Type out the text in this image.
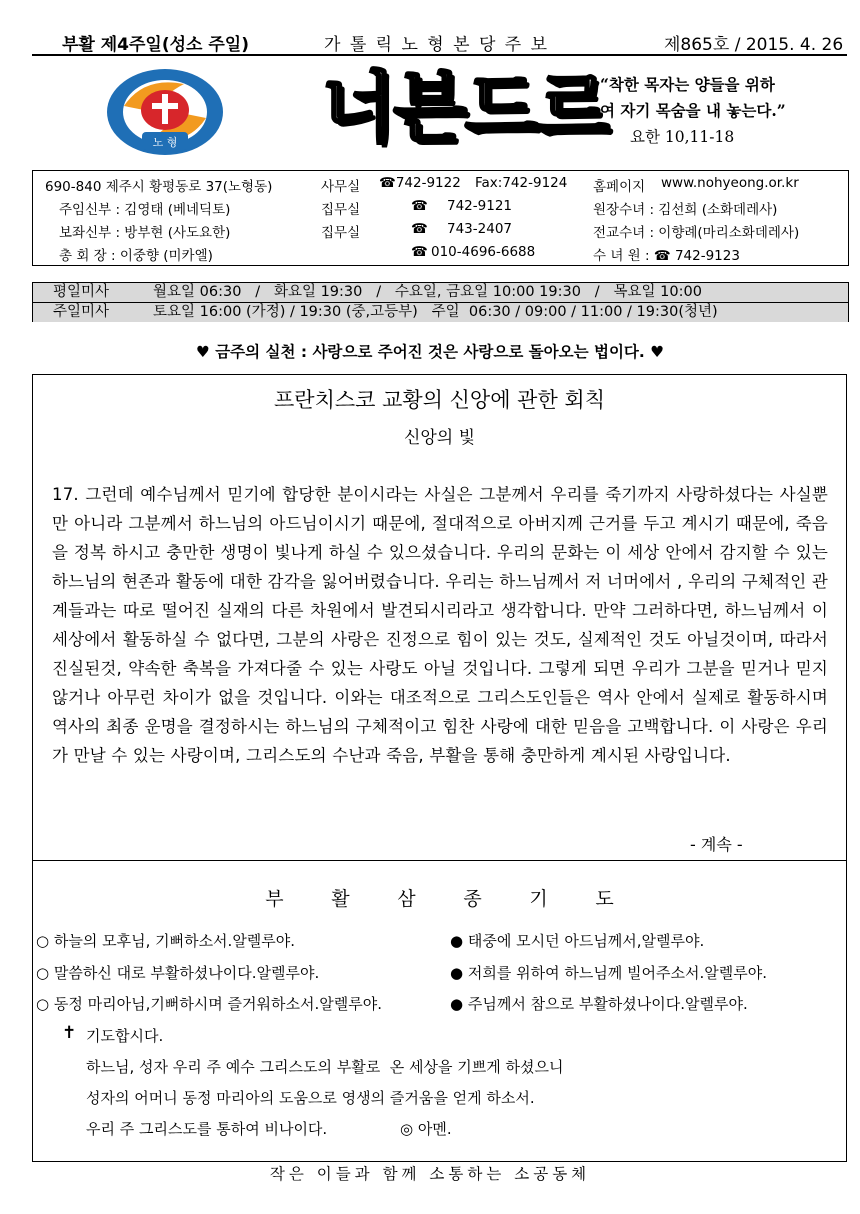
부활 제4주일(성소 주일)	가 톨 릭 노 형 본 당 주 보	제865호 / 2015. 4. 26
노 형 너븐드르
“착한 목자는 양들을 위하
여 자기 목숨을 내 놓는다.”
요한 10,11-18
690-840 제주시 황평동로 37(노형동)	사무실 ☎742-9122 Fax:742-9124 홈페이지 www.nohyeong.or.kr
주임신부 : 김영태 (베네딕토)	집무실	☎ 742-9121	원장수녀 : 김선희 (소화데레사)
보좌신부 : 방부현 (사도요한)	집무실	☎ 743-2407	전교수녀 : 이향례(마리소화데레사)
총 회 장 : 이중향 (미카엘)	☎ 010-4696-6688	수 녀 원 : ☎ 742-9123
평일미사	월요일 06:30   /   화요일 19:30   /   수요일, 금요일 10:00 19:30   /   목요일 10:00
주일미사	토요일 16:00 (가정) / 19:30 (중,고등부)   주일  06:30 / 09:00 / 11:00 / 19:30(청년)
♥ 금주의 실천 : 사랑으로 주어진 것은 사랑으로 돌아오는 법이다. ♥
프란치스코 교황의 신앙에 관한 회칙
신앙의 빛
17. 그런데 예수님께서 믿기에 합당한 분이시라는 사실은 그분께서 우리를 죽기까지 사랑하셨다는 사실뿐만 아니라 그분께서 하느님의 아드님이시기 때문에, 절대적으로 아버지께 근거를 두고 계시기 때문에, 죽음을 정복 하시고 충만한 생명이 빛나게 하실 수 있으셨습니다. 우리의 문화는 이 세상 안에서 감지할 수 있는 하느님의 현존과 활동에 대한 감각을 잃어버렸습니다. 우리는 하느님께서 저 너머에서 , 우리의 구체적인 관계들과는 따로 떨어진 실재의 다른 차원에서 발견되시리라고 생각합니다. 만약 그러하다면, 하느님께서 이 세상에서 활동하실 수 없다면, 그분의 사랑은 진정으로 힘이 있는 것도, 실제적인 것도 아닐것이며, 따라서 진실된것, 약속한 축복을 가져다줄 수 있는 사랑도 아닐 것입니다. 그렇게 되면 우리가 그분을 믿거나 믿지 않거나 아무런 차이가 없을 것입니다. 이와는 대조적으로 그리스도인들은 역사 안에서 실제로 활동하시며 역사의 최종 운명을 결정하시는 하느님의 구체적이고 힘찬 사랑에 대한 믿음을 고백합니다. 이 사랑은 우리가 만날 수 있는 사랑이며, 그리스도의 수난과 죽음, 부활을 통해 충만하게 계시된 사랑입니다.
- 계속 -
부	활	삼	종	기	도
○ 하늘의 모후님, 기뻐하소서.알렐루야.	● 태중에 모시던 아드님께서,알렐루야.
○ 말씀하신 대로 부활하셨나이다.알렐루야.	● 저희를 위하여 하느님께 빌어주소서.알렐루야.
○ 동정 마리아님,기뻐하시며 즐거워하소서.알렐루야.	● 주님께서 참으로 부활하셨나이다.알렐루야.
✝ 기도합시다.
하느님, 성자 우리 주 예수 그리스도의 부활로  온 세상을 기쁘게 하셨으니
성자의 어머니 동정 마리아의 도움으로 영생의 즐거움을 얻게 하소서.
우리 주 그리스도를 통하여 비나이다.	◎ 아멘.
작은 이들과 함께 소통하는 소공동체
